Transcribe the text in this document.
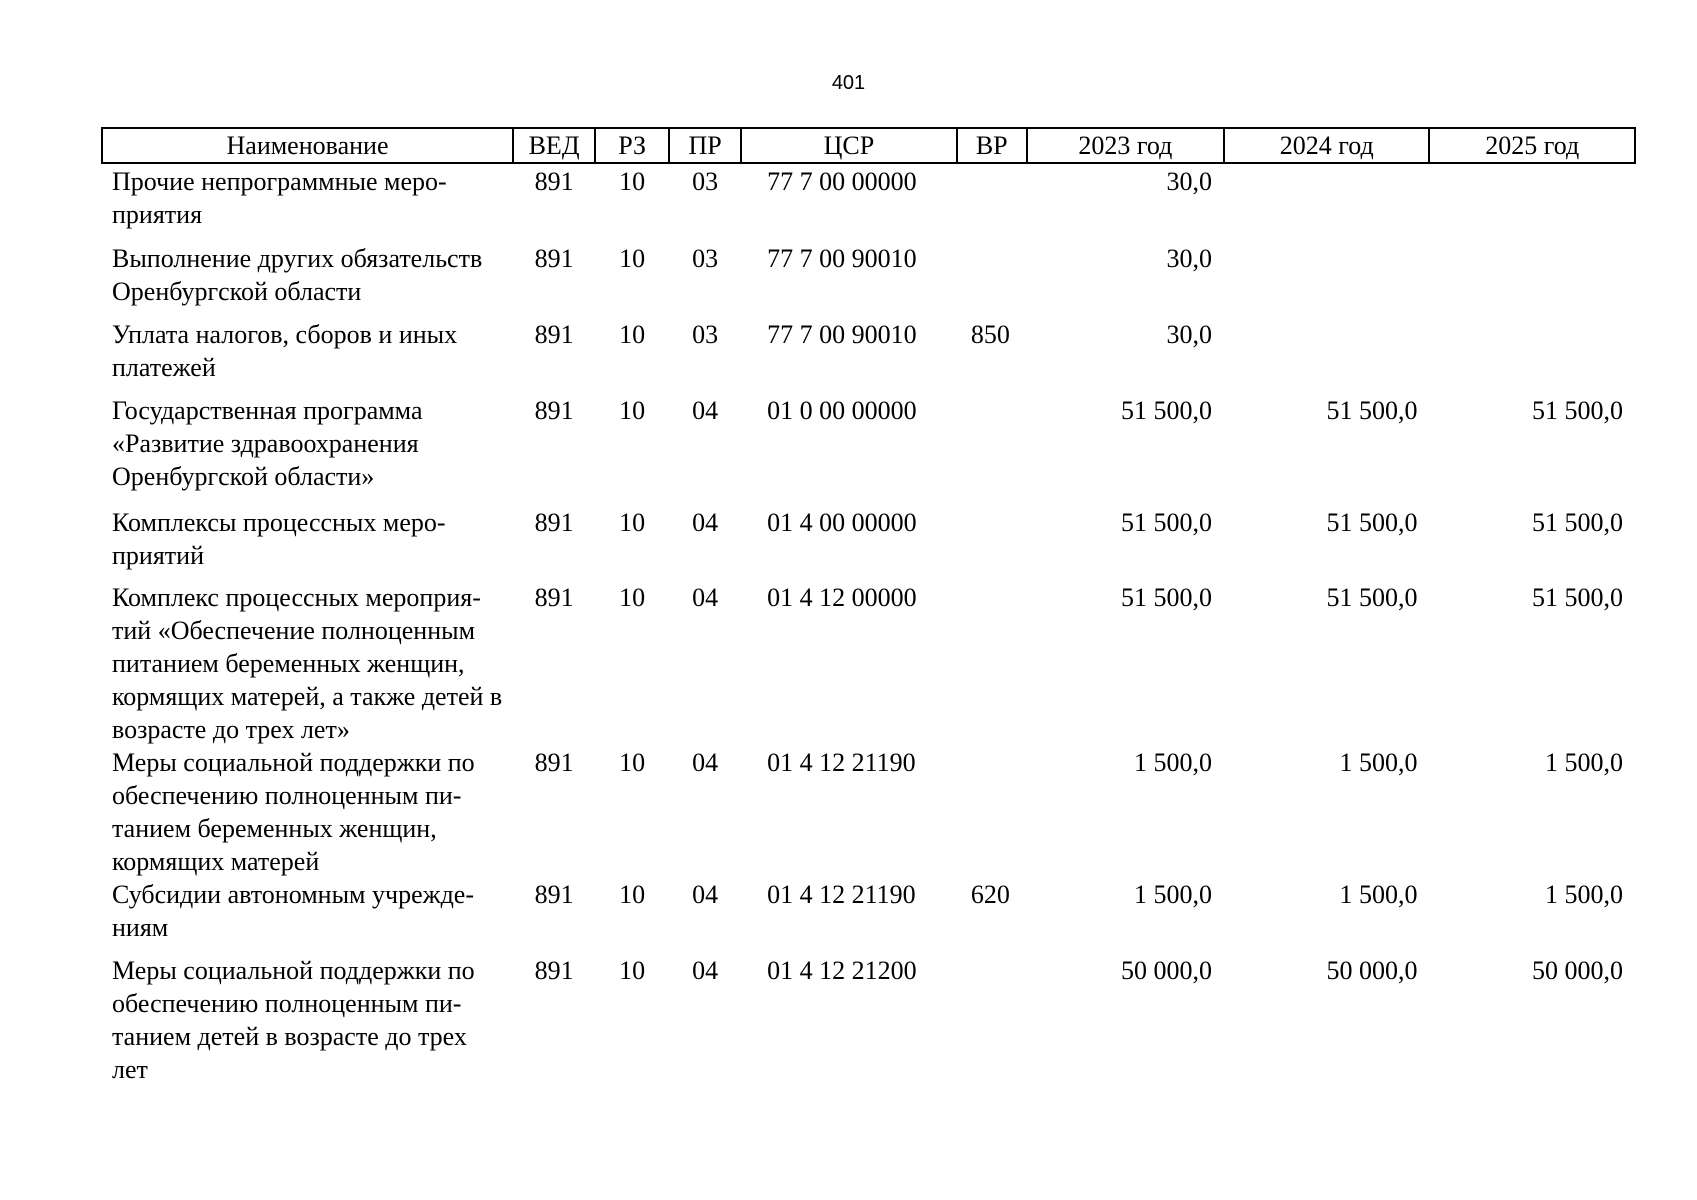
401
Наименование	ВЕД	РЗ	ПР	ЦСР	ВР	2023 год	2024 год	2025 год
Прочие непрограммные меро-приятия	891	10	03	77 7 00 00000		30,0		
Выполнение других обязательств Оренбургской области	891	10	03	77 7 00 90010		30,0		
Уплата налогов, сборов и иных платежей	891	10	03	77 7 00 90010	850	30,0		
Государственная программа «Развитие здравоохранения Оренбургской области»	891	10	04	01 0 00 00000		51 500,0	51 500,0	51 500,0
Комплексы процессных меро-приятий	891	10	04	01 4 00 00000		51 500,0	51 500,0	51 500,0
Комплекс процессных мероприя-тий «Обеспечение полноценным питанием беременных женщин, кормящих матерей, а также детей в возрасте до трех лет»	891	10	04	01 4 12 00000		51 500,0	51 500,0	51 500,0
Меры социальной поддержки по обеспечению полноценным пи-танием беременных женщин, кормящих матерей	891	10	04	01 4 12 21190		1 500,0	1 500,0	1 500,0
Субсидии автономным учрежде-ниям	891	10	04	01 4 12 21190	620	1 500,0	1 500,0	1 500,0
Меры социальной поддержки по обеспечению полноценным пи-танием детей в возрасте до трех лет	891	10	04	01 4 12 21200		50 000,0	50 000,0	50 000,0
